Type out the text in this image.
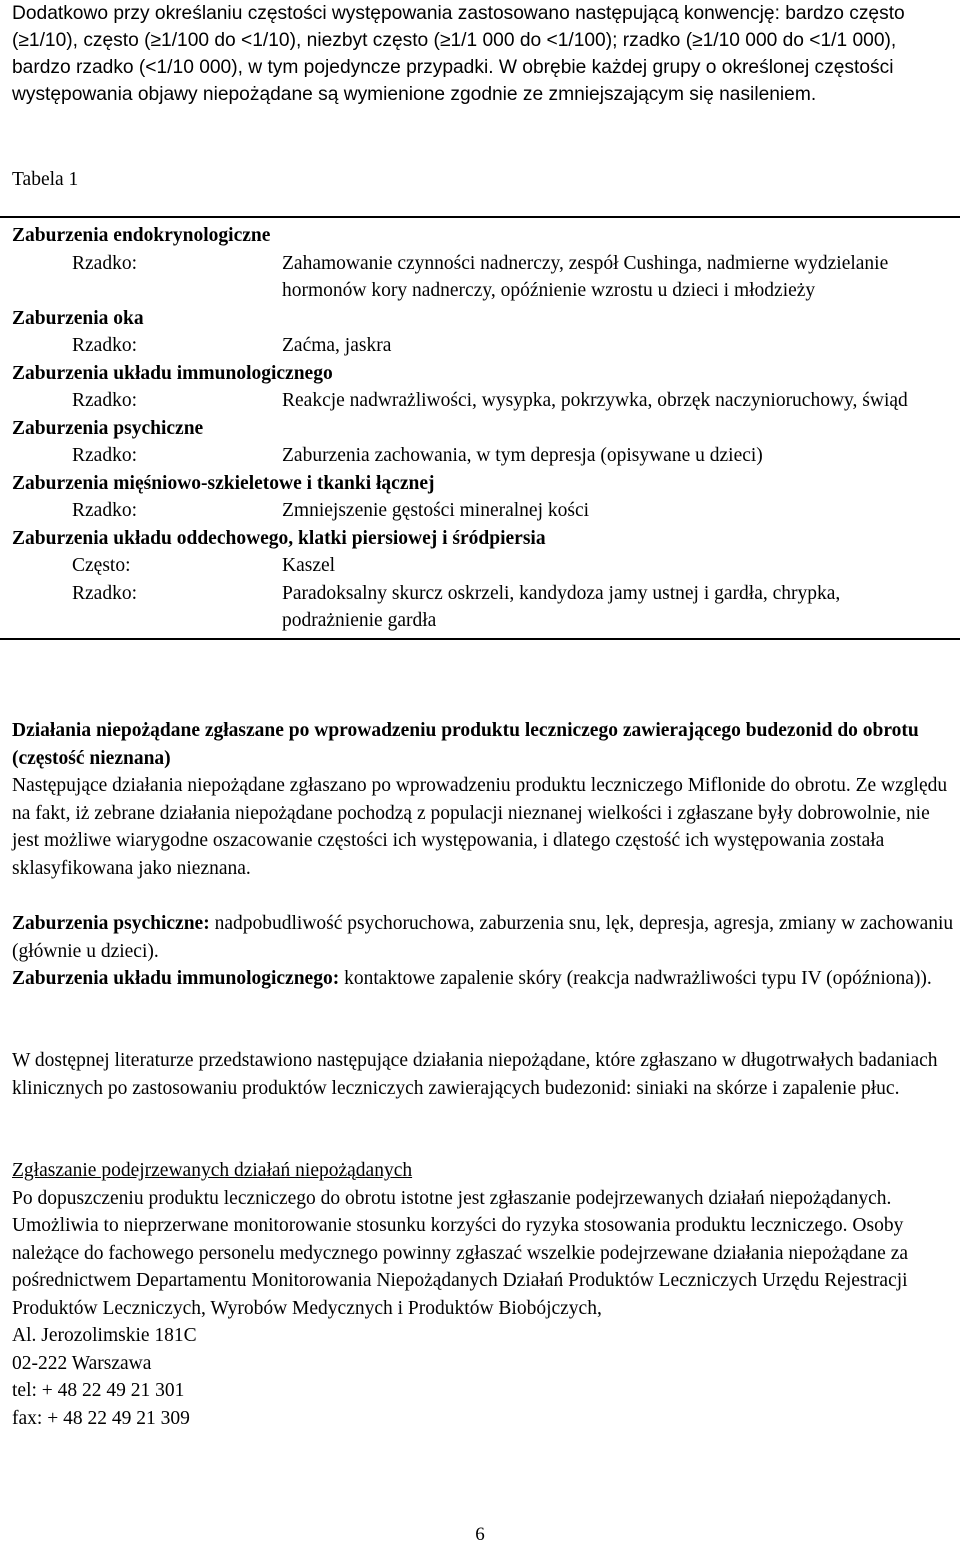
Dodatkowo przy określaniu częstości występowania zastosowano następującą konwencję: bardzo często (≥1/10), często (≥1/100 do <1/10), niezbyt często (≥1/1 000 do <1/100); rzadko (≥1/10 000 do <1/1 000), bardzo rzadko (<1/10 000), w tym pojedyncze przypadki. W obrębie każdej grupy o określonej częstości występowania objawy niepożądane są wymienione zgodnie ze zmniejszającym się nasileniem.

Tabela 1

Zaburzenia endokrynologiczne
Rzadko:	Zahamowanie czynności nadnerczy, zespół Cushinga, nadmierne wydzielanie hormonów kory nadnerczy, opóźnienie wzrostu u dzieci i młodzieży
Zaburzenia oka
Rzadko:	Zaćma, jaskra
Zaburzenia układu immunologicznego
Rzadko:	Reakcje nadwrażliwości, wysypka, pokrzywka, obrzęk naczynioruchowy, świąd
Zaburzenia psychiczne
Rzadko:	Zaburzenia zachowania, w tym depresja (opisywane u dzieci)
Zaburzenia mięśniowo-szkieletowe i tkanki łącznej
Rzadko:	Zmniejszenie gęstości mineralnej kości
Zaburzenia układu oddechowego, klatki piersiowej i śródpiersia
Często:	Kaszel
Rzadko:	Paradoksalny skurcz oskrzeli, kandydoza jamy ustnej i gardła, chrypka, podrażnienie gardła

Działania niepożądane zgłaszane po wprowadzeniu produktu leczniczego zawierającego budezonid do obrotu (częstość nieznana)

Następujące działania niepożądane zgłaszano po wprowadzeniu produktu leczniczego Miflonide do obrotu. Ze względu na fakt, iż zebrane działania niepożądane pochodzą z populacji nieznanej wielkości i zgłaszane były dobrowolnie, nie jest możliwe wiarygodne oszacowanie częstości ich występowania, i dlatego częstość ich występowania została sklasyfikowana jako nieznana.

Zaburzenia psychiczne: nadpobudliwość psychoruchowa, zaburzenia snu, lęk, depresja, agresja, zmiany w zachowaniu (głównie u dzieci).

Zaburzenia układu immunologicznego: kontaktowe zapalenie skóry (reakcja nadwrażliwości typu IV (opóźniona)).

W dostępnej literaturze przedstawiono następujące działania niepożądane, które zgłaszano w długotrwałych badaniach klinicznych po zastosowaniu produktów leczniczych zawierających budezonid: siniaki na skórze i zapalenie płuc.

Zgłaszanie podejrzewanych działań niepożądanych

Po dopuszczeniu produktu leczniczego do obrotu istotne jest zgłaszanie podejrzewanych działań niepożądanych. Umożliwia to nieprzerwane monitorowanie stosunku korzyści do ryzyka stosowania produktu leczniczego. Osoby należące do fachowego personelu medycznego powinny zgłaszać wszelkie podejrzewane działania niepożądane za pośrednictwem Departamentu Monitorowania Niepożądanych Działań Produktów Leczniczych Urzędu Rejestracji Produktów Leczniczych, Wyrobów Medycznych i Produktów Biobójczych,

Al. Jerozolimskie 181C

02-222 Warszawa

tel: + 48 22 49 21 301

fax: + 48 22 49 21 309

6
